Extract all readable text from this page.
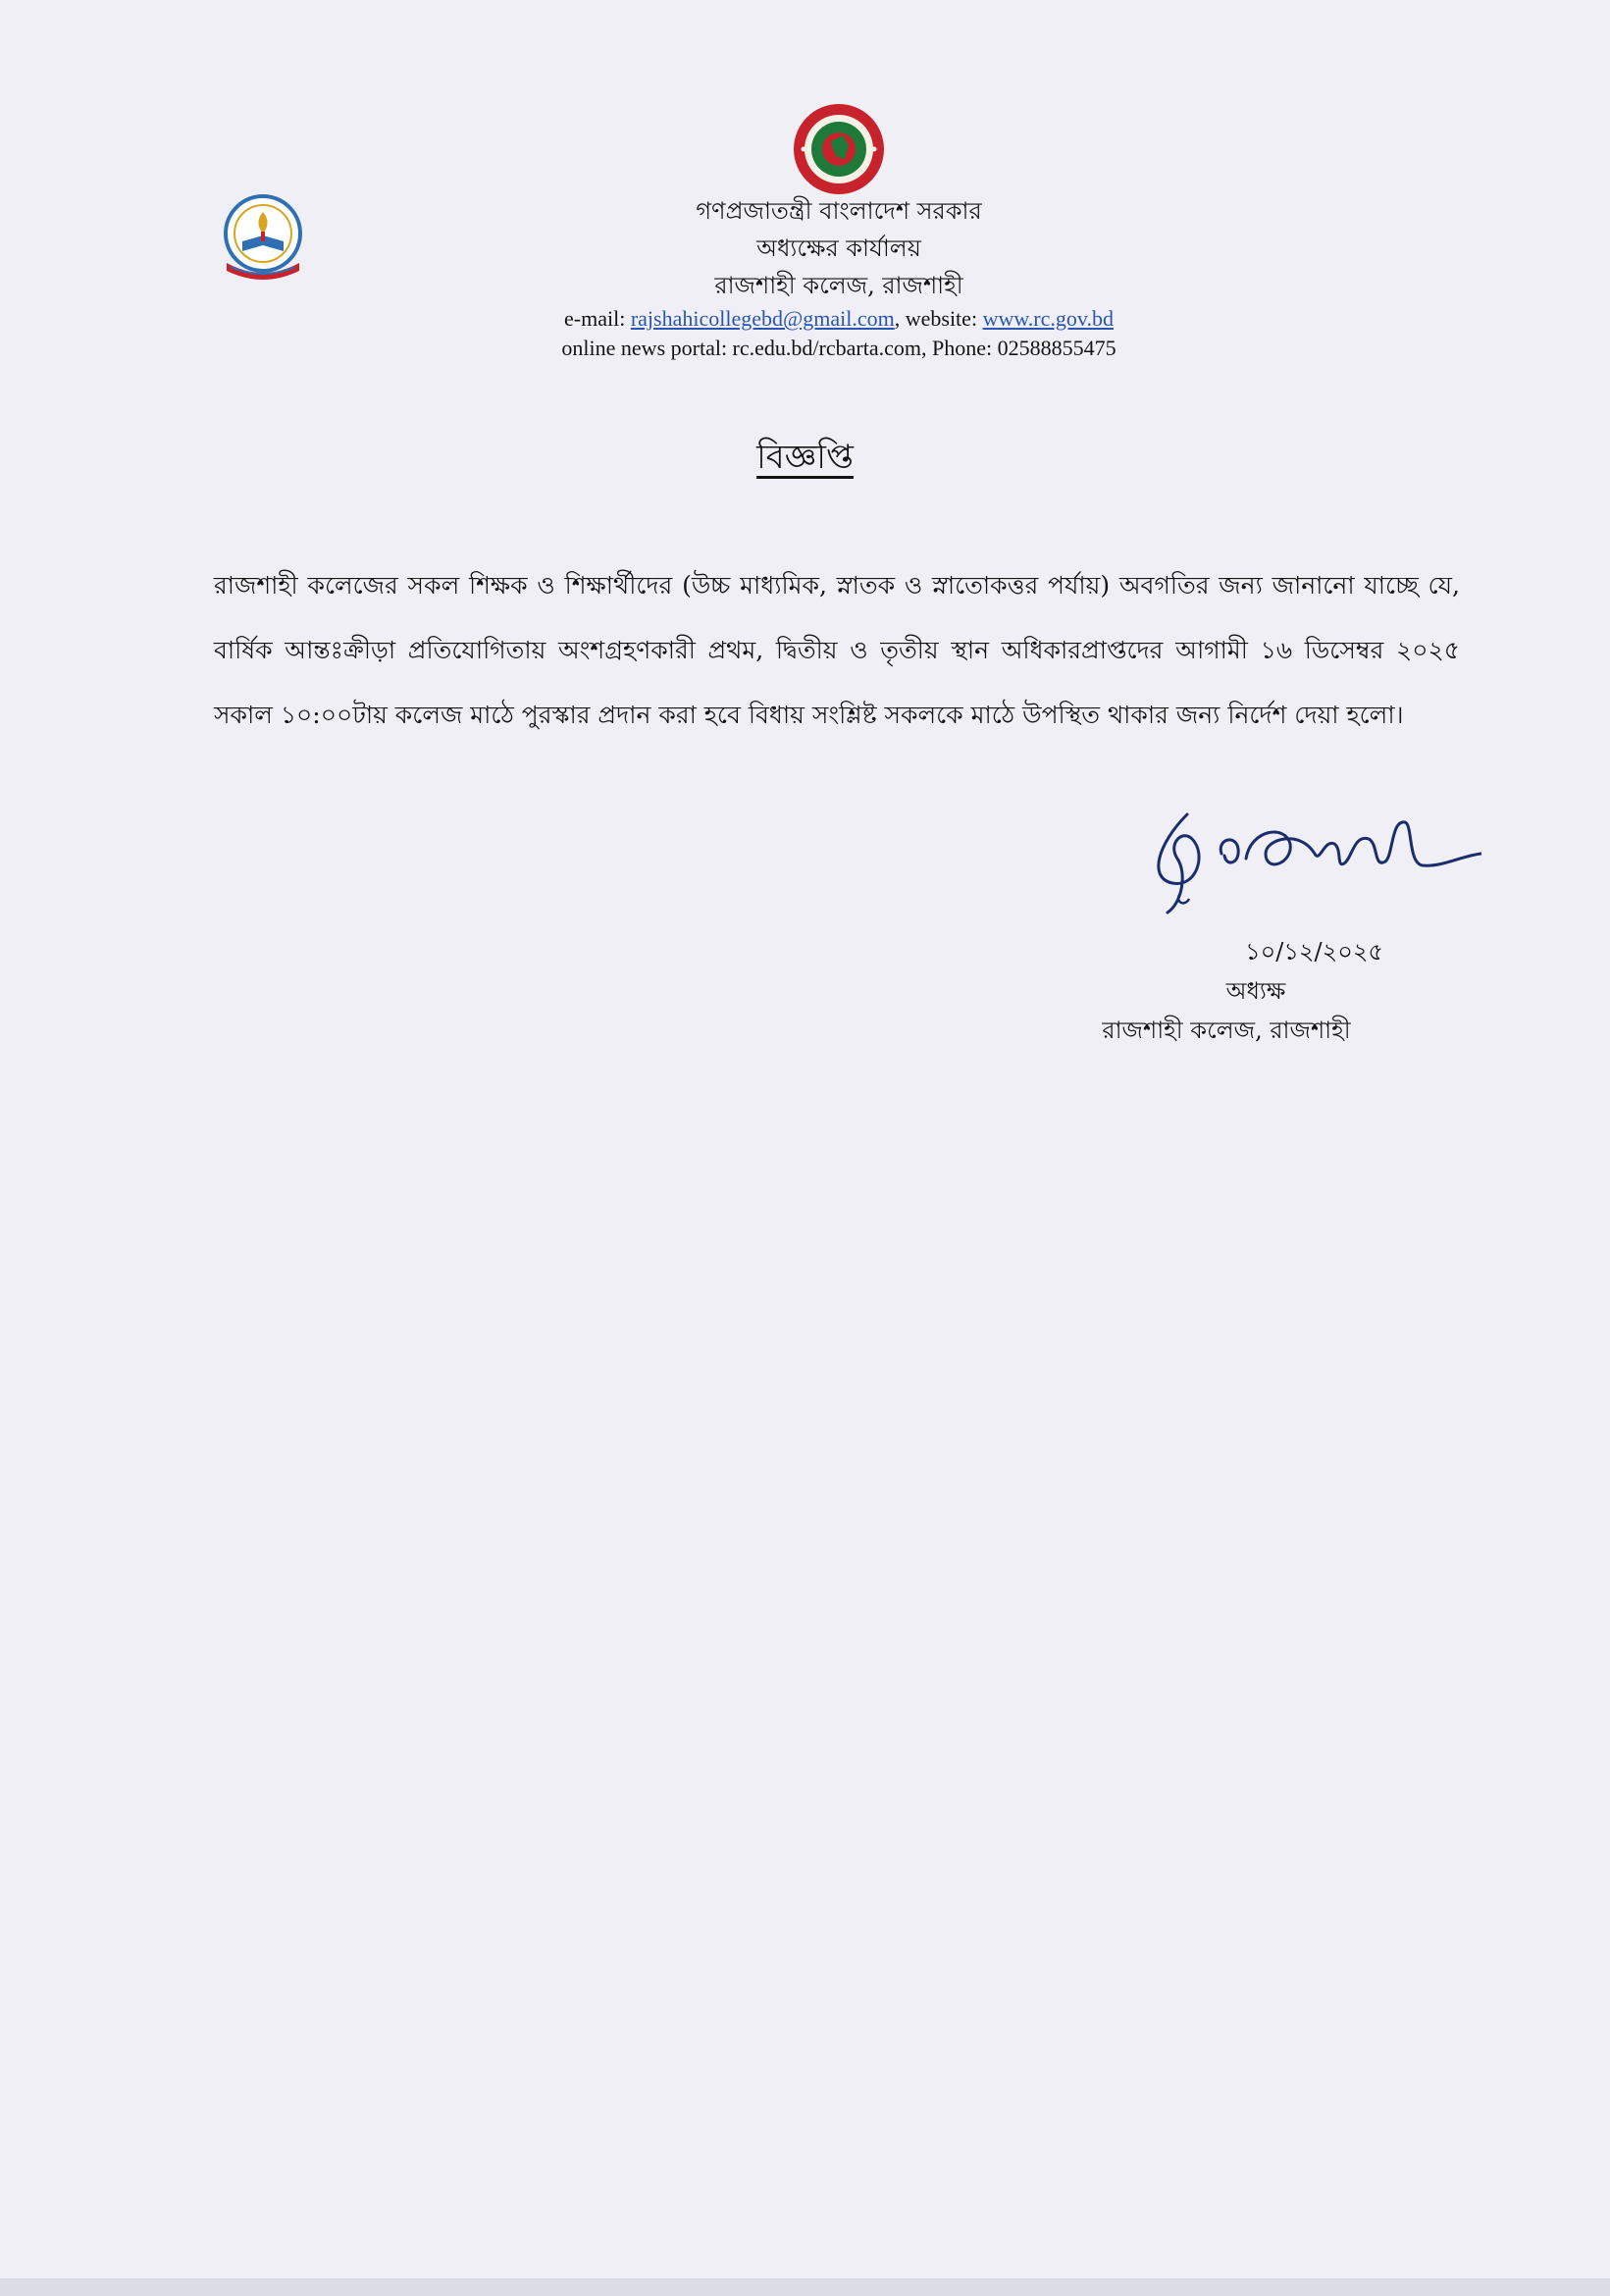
গণপ্রজাতন্ত্রী বাংলাদেশ সরকার
অধ্যক্ষের কার্যালয়
রাজশাহী কলেজ, রাজশাহী
e-mail: rajshahicollegebd@gmail.com, website: www.rc.gov.bd
online news portal: rc.edu.bd/rcbarta.com, Phone: 02588855475
বিজ্ঞপ্তি
রাজশাহী কলেজের সকল শিক্ষক ও শিক্ষার্থীদের (উচ্চ মাধ্যমিক, স্নাতক ও স্নাতোকত্তর পর্যায়) অবগতির জন্য জানানো যাচ্ছে যে, বার্ষিক আন্তঃক্রীড়া প্রতিযোগিতায় অংশগ্রহণকারী প্রথম, দ্বিতীয় ও তৃতীয় স্থান অধিকারপ্রাপ্তদের আগামী ১৬ ডিসেম্বর ২০২৫ সকাল ১০:০০টায় কলেজ মাঠে পুরস্কার প্রদান করা হবে বিধায় সংশ্লিষ্ট সকলকে মাঠে উপস্থিত থাকার জন্য নির্দেশ দেয়া হলো।
১০/১২/২০২৫
অধ্যক্ষ
রাজশাহী কলেজ, রাজশাহী
